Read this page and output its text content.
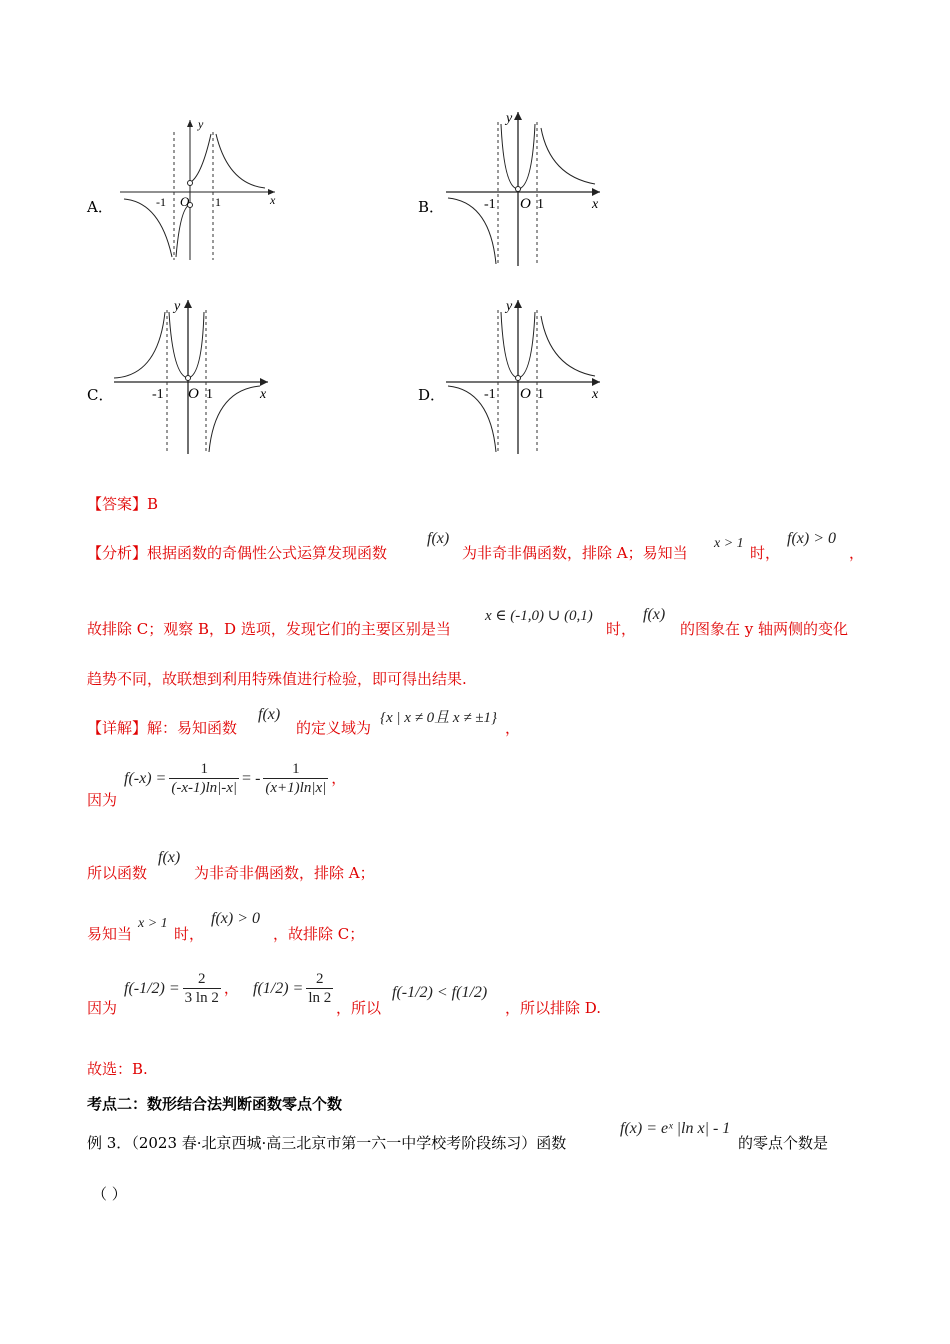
A．
y
x
O
-1	1	B．
y
x
O
-1	1
C．
y
x
O
-1	1	D．
y
x
O
-1	1
【答案】B
【分析】根据函数的奇偶性公式运算发现函数
f(x)
为非奇非偶函数，排除 A；易知当
x > 1
时，
f(x) > 0
，
故排除 C；观察 B，D 选项，发现它们的主要区别是当
x ∈ (-1,0) ∪ (0,1)
时，
f(x)
的图象在 y 轴两侧的变化
趋势不同，故联想到利用特殊值进行检验，即可得出结果.
【详解】解：易知函数
f(x)
的定义域为
{x | x ≠ 0且 x ≠ ±1}
，
因为
$f(-x) = \frac{1}{(-x-1)\ln|-x|}$ = - $\frac{1}{(x+1)\ln|x|}$ ，
所以函数
f(x)
为非奇非偶函数，排除 A；
易知当
x > 1
时，
f(x) > 0
，故排除 C；
因为
$f(-1/2) = \frac{2}{3 \ln 2}$ ， $f(1/2) = \frac{2}{\ln 2}$
，所以
f(-1/2) < f(1/2)
，所以排除 D.
故选：B.
考点二：数形结合法判断函数零点个数
例 3．（2023 春·北京西城·高三北京市第一六一中学校考阶段练习）函数
f(x) = eˣ |ln x| - 1
的零点个数是
（ ）
